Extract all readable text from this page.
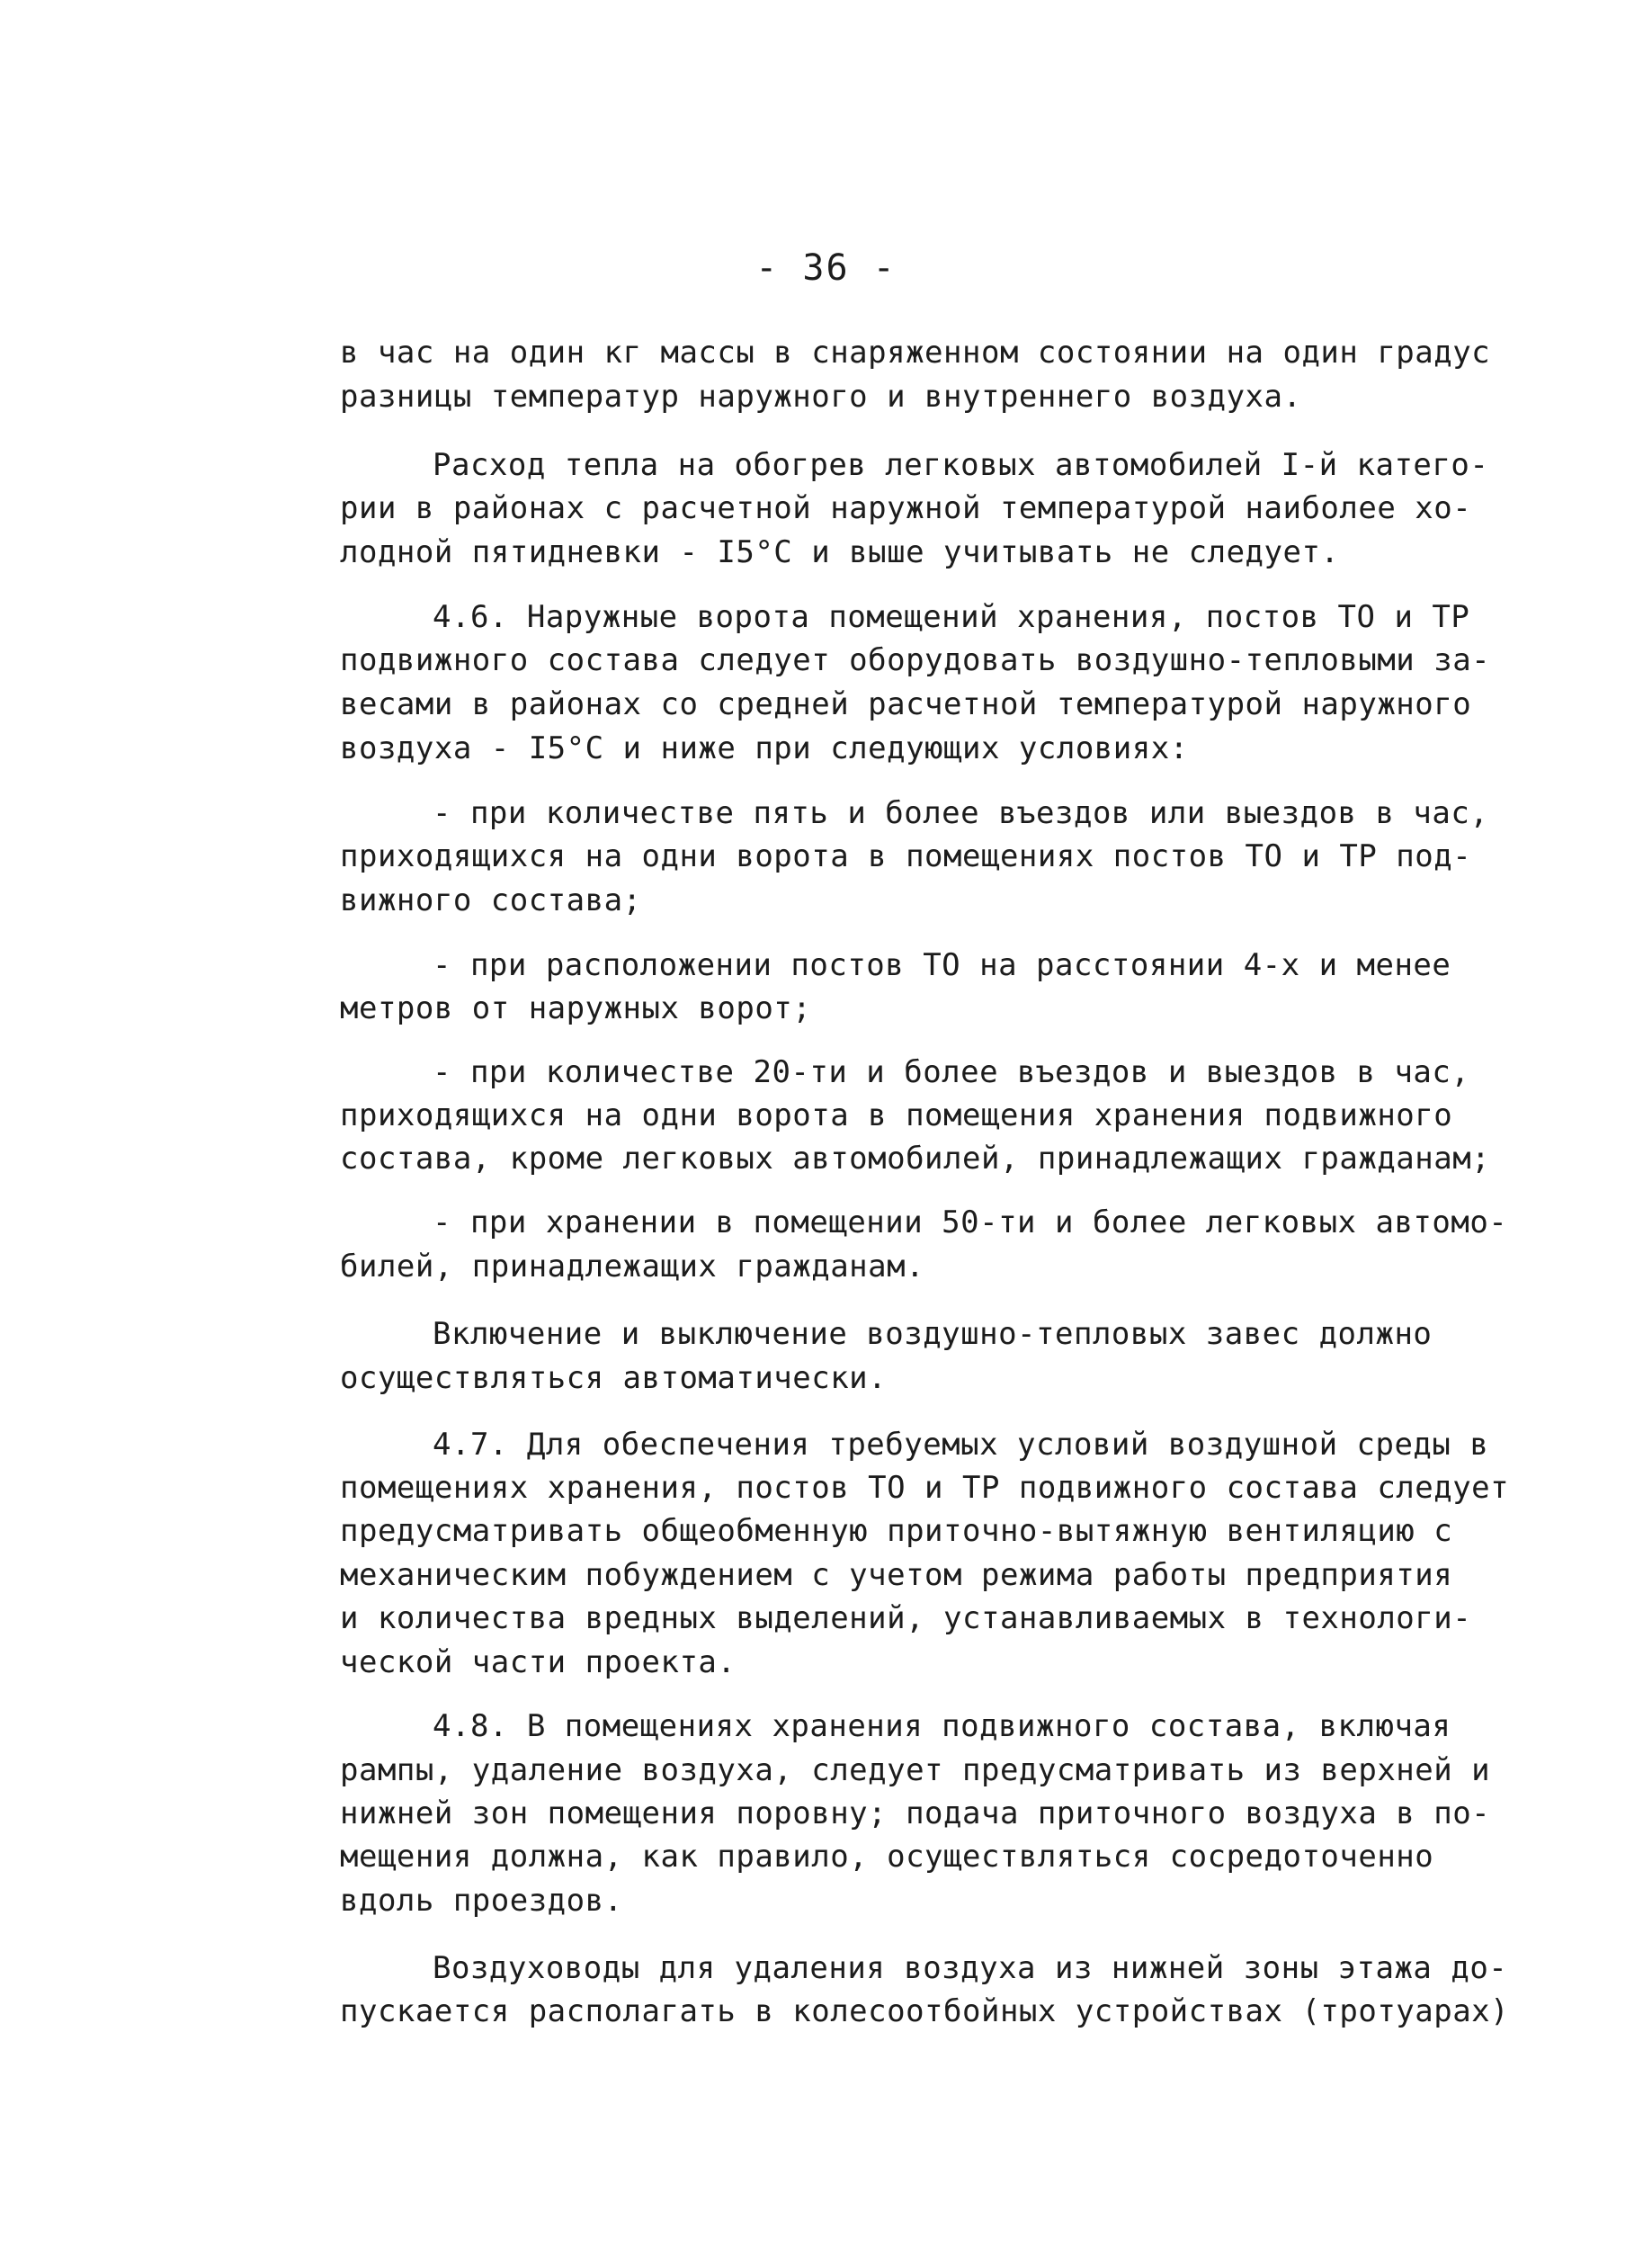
- 36 -
в час на один кг массы в снаряженном состоянии на один градус
разницы температур наружного и внутреннего воздуха.
Расход тепла на обогрев легковых автомобилей I-й катего-
рии в районах с расчетной наружной температурой наиболее хо-
лодной пятидневки - I5°С и выше учитывать не следует.
4.6. Наружные ворота помещений хранения, постов ТО и ТР
подвижного состава следует оборудовать воздушно-тепловыми за-
весами в районах со средней расчетной температурой наружного
воздуха - I5°С и ниже при следующих условиях:
- при количестве пять и более въездов или выездов в час,
приходящихся на одни ворота в помещениях постов ТО и ТР под-
вижного состава;
- при расположении постов ТО на расстоянии 4-х и менее
метров от наружных ворот;
- при количестве 20-ти и более въездов и выездов в час,
приходящихся на одни ворота в помещения хранения подвижного
состава, кроме легковых автомобилей, принадлежащих гражданам;
- при хранении в помещении 50-ти и более легковых автомо-
билей, принадлежащих гражданам.
Включение и выключение воздушно-тепловых завес должно
осуществляться автоматически.
4.7. Для обеспечения требуемых условий воздушной среды в
помещениях хранения, постов ТО и ТР подвижного состава следует
предусматривать общеобменную приточно-вытяжную вентиляцию с
механическим побуждением с учетом режима работы предприятия
и количества вредных выделений, устанавливаемых в технологи-
ческой части проекта.
4.8. В помещениях хранения подвижного состава, включая
рампы, удаление воздуха, следует предусматривать из верхней и
нижней зон помещения поровну; подача приточного воздуха в по-
мещения должна, как правило, осуществляться сосредоточенно
вдоль проездов.
Воздуховоды для удаления воздуха из нижней зоны этажа до-
пускается располагать в колесоотбойных устройствах (тротуарах)
